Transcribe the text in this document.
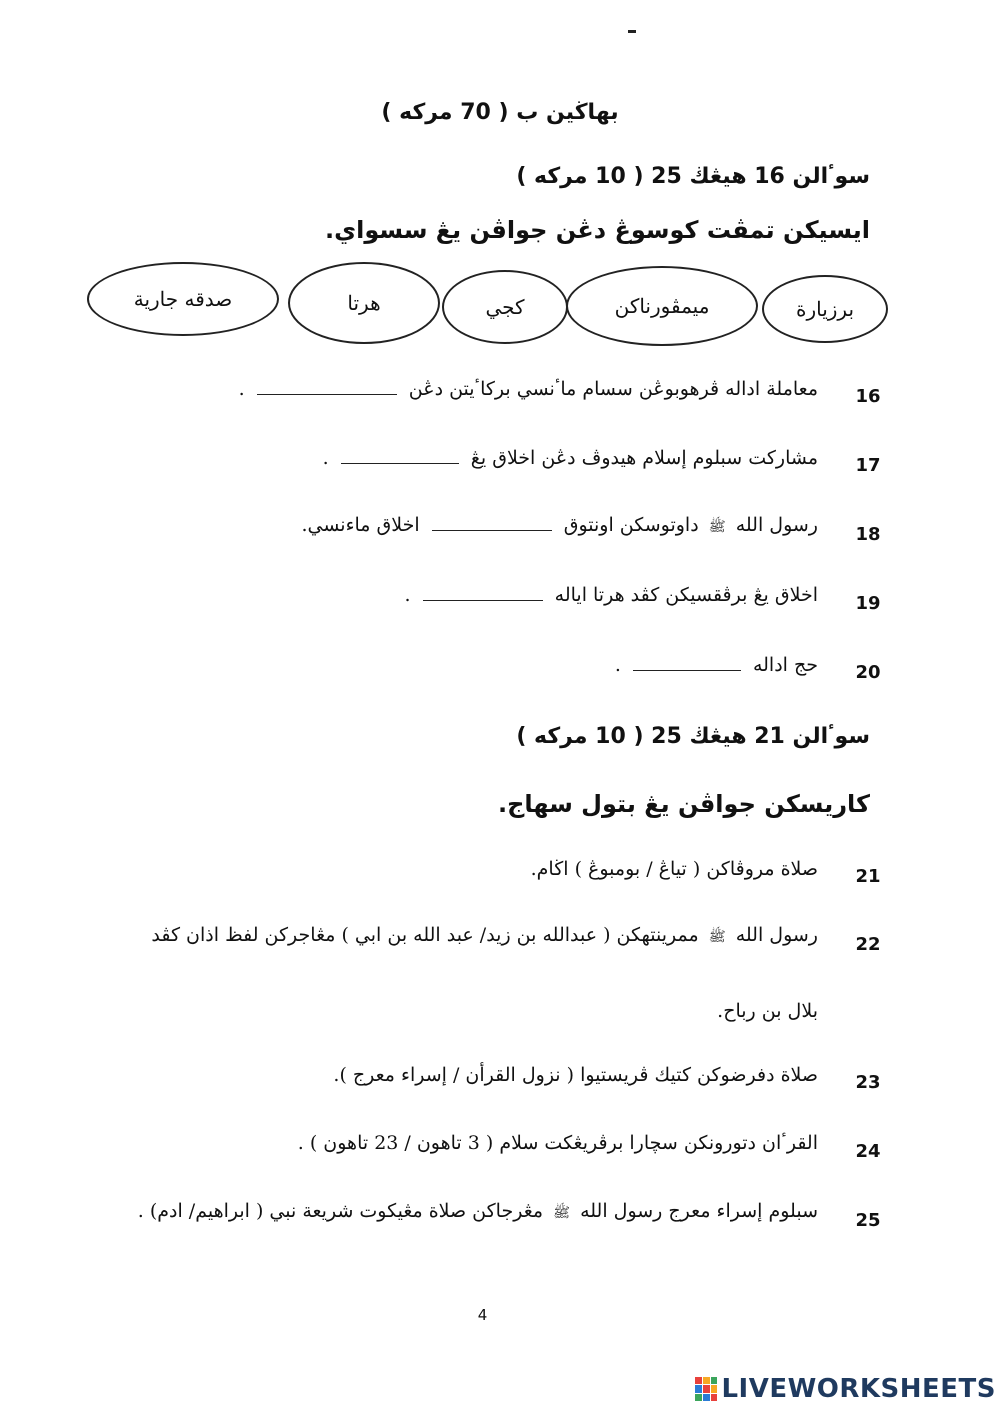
بهاڬين ب ( 70 مركه )
سوٴالن 16 هيڠڬ 25 ( 10 مركه )
ايسيكن تمڤت كوسوڠ دڠن جواڤن يڠ سسواي.
برزيارة
ميمڤورناكن
كجي
هرتا
صدقه جارية
16
معاملة اداله ڤرهوبوڠن سسام ماٴنسي بركاٴيتن دڠن  .
17
مشاركت سبلوم إسلام هيدوڤ دڠن اخلاق يڠ  .
18
رسول الله ﷺ داوتوسكن اونتوق  اخلاق ماءنسي.
19
اخلاق يڠ برڤقسيكن كڤد هرتا اياله  .
20
حج اداله  .
سوٴالن 21 هيڠڬ 25 ( 10 مركه )
كاريسكن جواڤن يڠ بتول سهاج.
21
صلاة مروڤاكن ( تياڠ / بومبوڠ ) اڬام.
22
رسول الله ﷺ ممرينتهكن ( عبدالله بن زيد/ عبد الله بن ابي ) مڠاجركن لفظ اذان كڤد
بلال بن رباح.
23
صلاة دفرضوكن كتيك ڤريستيوا ( نزول القرأن / إسراء معرج ).
24
القرٴان دتورونكن سچارا برڤريڠكت سلام ( 3 تاهون / 23 تاهون ) .
25
سبلوم إسراء معرج رسول الله ﷺ مڠرجاكن صلاة مڠيكوت شريعة نبي ( ابراهيم/ ادم) .
4
LIVEWORKSHEETS
